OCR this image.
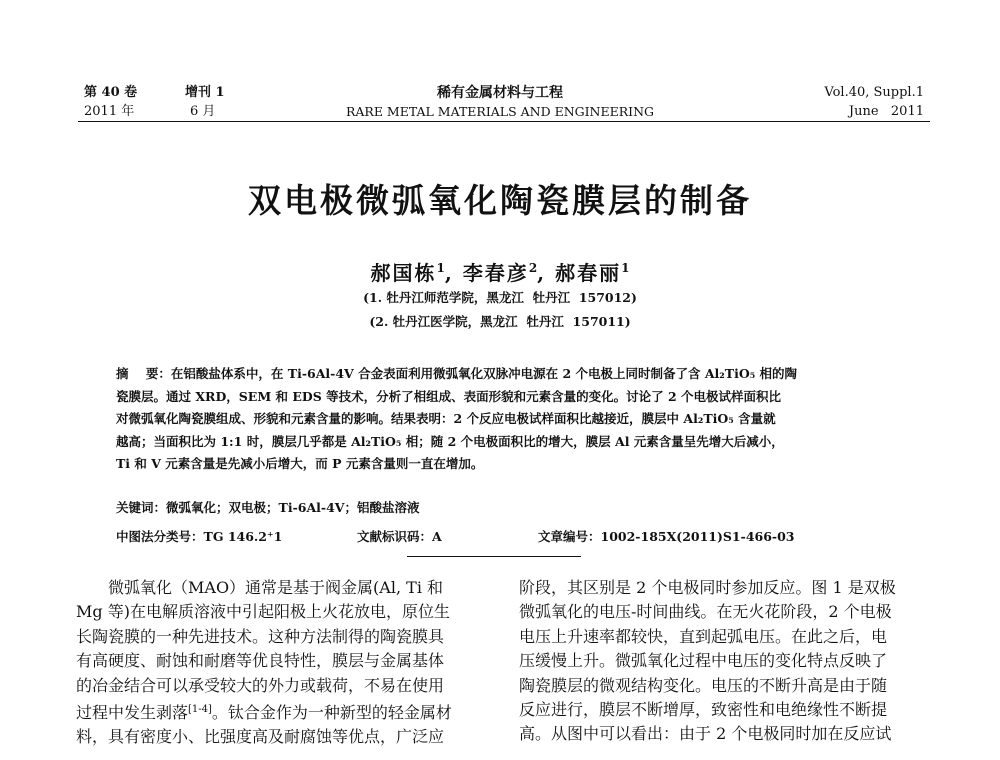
第 40 卷	增刊 1
2011 年	6 月
稀有金属材料与工程
RARE METAL MATERIALS AND ENGINEERING
Vol.40, Suppl.1
June   2011
双电极微弧氧化陶瓷膜层的制备
郝国栋$^1$, 李春彦$^2$, 郝春丽$^1$
(1. 牡丹江师范学院，黑龙江  牡丹江  157012)
(2. 牡丹江医学院，黑龙江  牡丹江  157011)
摘    要：在铝酸盐体系中，在 Ti-6Al-4V 合金表面利用微弧氧化双脉冲电源在 2 个电极上同时制备了含 Al₂TiO₅ 相的陶
瓷膜层。通过 XRD，SEM 和 EDS 等技术，分析了相组成、表面形貌和元素含量的变化。讨论了 2 个电极试样面积比
对微弧氧化陶瓷膜组成、形貌和元素含量的影响。结果表明：2 个反应电极试样面积比越接近，膜层中 Al₂TiO₅ 含量就
越高；当面积比为 1:1 时，膜层几乎都是 Al₂TiO₅ 相；随 2 个电极面积比的增大，膜层 Al 元素含量呈先增大后减小，
Ti 和 V 元素含量是先减小后增大，而 P 元素含量则一直在增加。
关键词：微弧氧化；双电极；Ti-6Al-4V；铝酸盐溶液
中图法分类号：TG 146.2⁺1	文献标识码：A	文章编号：1002-185X(2011)S1-466-03
微弧氧化（MAO）通常是基于阀金属(Al, Ti 和
Mg 等)在电解质溶液中引起阳极上火花放电，原位生
长陶瓷膜的一种先进技术。这种方法制得的陶瓷膜具
有高硬度、耐蚀和耐磨等优良特性，膜层与金属基体
的冶金结合可以承受较大的外力或载荷，不易在使用
过程中发生剥落[1-4]。钛合金作为一种新型的轻金属材
料，具有密度小、比强度高及耐腐蚀等优点，广泛应
阶段，其区别是 2 个电极同时参加反应。图 1 是双极
微弧氧化的电压-时间曲线。在无火花阶段，2 个电极
电压上升速率都较快，直到起弧电压。在此之后，电
压缓慢上升。微弧氧化过程中电压的变化特点反映了
陶瓷膜层的微观结构变化。电压的不断升高是由于随
反应进行，膜层不断增厚，致密性和电绝缘性不断提
高。从图中可以看出：由于 2 个电极同时加在反应试
